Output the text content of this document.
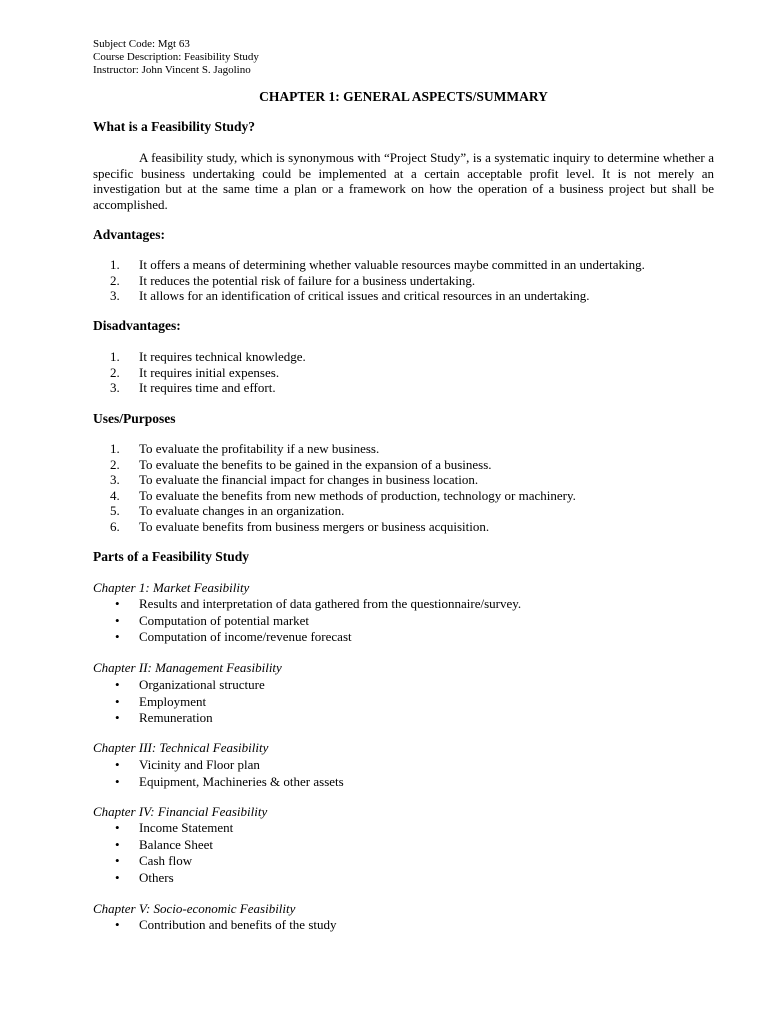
Subject Code: Mgt 63
Course Description: Feasibility Study
Instructor: John Vincent S. Jagolino
CHAPTER 1: GENERAL ASPECTS/SUMMARY
What is a Feasibility Study?
A feasibility study, which is synonymous with “Project Study”, is a systematic inquiry to determine whether a specific business undertaking could be implemented at a certain acceptable profit level. It is not merely an investigation but at the same time a plan or a framework on how the operation of a business project but shall be accomplished.
Advantages:
1.	It offers a means of determining whether valuable resources maybe committed in an undertaking.
2.	It reduces the potential risk of failure for a business undertaking.
3.	It allows for an identification of critical issues and critical resources in an undertaking.
Disadvantages:
1.	It requires technical knowledge.
2.	It requires initial expenses.
3.	It requires time and effort.
Uses/Purposes
1.	To evaluate the profitability if a new business.
2.	To evaluate the benefits to be gained in the expansion of a business.
3.	To evaluate the financial impact for changes in business location.
4.	To evaluate the benefits from new methods of production, technology or machinery.
5.	To evaluate changes in an organization.
6.	To evaluate benefits from business mergers or business acquisition.
Parts of a Feasibility Study
Chapter 1: Market Feasibility
• Results and interpretation of data gathered from the questionnaire/survey.
• Computation of potential market
• Computation of income/revenue forecast
Chapter II: Management Feasibility
• Organizational structure
• Employment
• Remuneration
Chapter III: Technical Feasibility
• Vicinity and Floor plan
• Equipment, Machineries & other assets
Chapter IV: Financial Feasibility
• Income Statement
• Balance Sheet
• Cash flow
• Others
Chapter V: Socio-economic Feasibility
• Contribution and benefits of the study
